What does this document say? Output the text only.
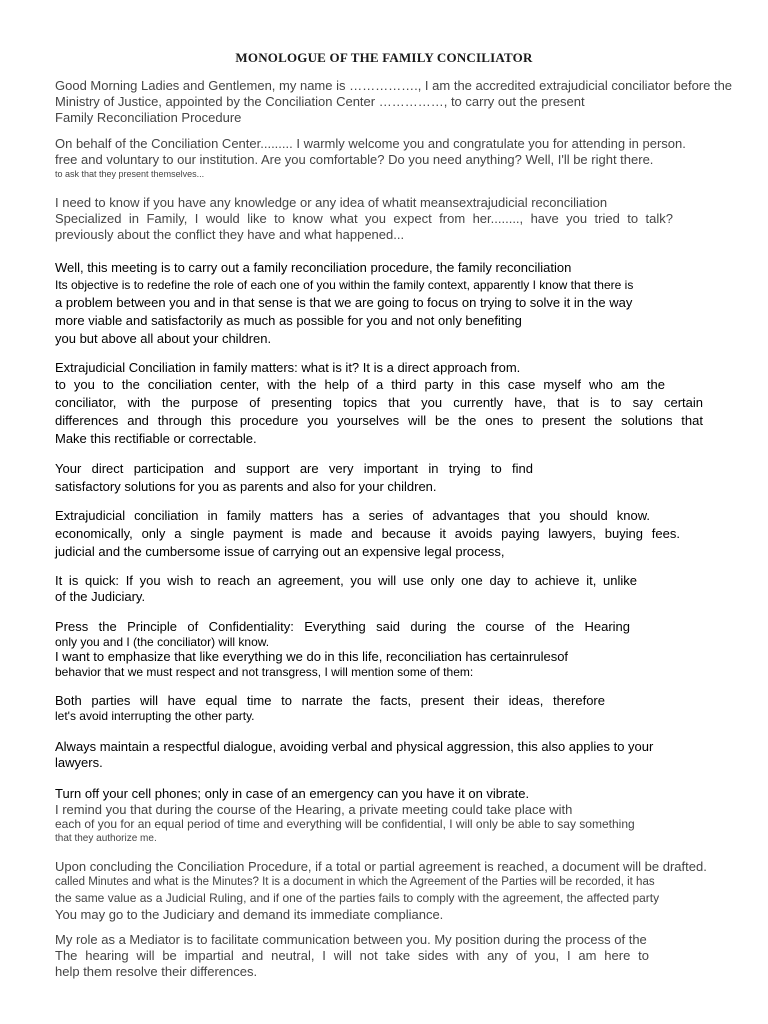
MONOLOGUE OF THE FAMILY CONCILIATOR
Good Morning Ladies and Gentlemen, my name is ……………., I am the accredited extrajudicial conciliator before the
Ministry of Justice, appointed by the Conciliation Center ……………, to carry out the present
Family Reconciliation Procedure
On behalf of the Conciliation Center......... I warmly welcome you and congratulate you for attending in person.
free and voluntary to our institution. Are you comfortable? Do you need anything? Well, I'll be right there.
to ask that they present themselves...
I need to know if you have any knowledge or any idea of whatit meansextrajudicial reconciliation
Specialized in Family, I would like to know what you expect from her........, have you tried to talk?
previously about the conflict they have and what happened...
Well, this meeting is to carry out a family reconciliation procedure, the family reconciliation
Its objective is to redefine the role of each one of you within the family context, apparently I know that there is
a problem between you and in that sense is that we are going to focus on trying to solve it in the way
more viable and satisfactorily as much as possible for you and not only benefiting
you but above all about your children.
Extrajudicial Conciliation in family matters: what is it? It is a direct approach from.
to you to the conciliation center, with the help of a third party in this case myself who am the
conciliator, with the purpose of presenting topics that you currently have, that is to say certain
differences and through this procedure you yourselves will be the ones to present the solutions that
Make this rectifiable or correctable.
Your direct participation and support are very important in trying to find
satisfactory solutions for you as parents and also for your children.
Extrajudicial conciliation in family matters has a series of advantages that you should know.
economically, only a single payment is made and because it avoids paying lawyers, buying fees.
judicial and the cumbersome issue of carrying out an expensive legal process,
It is quick: If you wish to reach an agreement, you will use only one day to achieve it, unlike
of the Judiciary.
Press the Principle of Confidentiality: Everything said during the course of the Hearing
only you and I (the conciliator) will know.
I want to emphasize that like everything we do in this life, reconciliation has certainrulesof
behavior that we must respect and not transgress, I will mention some of them:
Both parties will have equal time to narrate the facts, present their ideas, therefore
let's avoid interrupting the other party.
Always maintain a respectful dialogue, avoiding verbal and physical aggression, this also applies to your
lawyers.
Turn off your cell phones; only in case of an emergency can you have it on vibrate.
I remind you that during the course of the Hearing, a private meeting could take place with
each of you for an equal period of time and everything will be confidential, I will only be able to say something
that they authorize me.
Upon concluding the Conciliation Procedure, if a total or partial agreement is reached, a document will be drafted.
called Minutes and what is the Minutes? It is a document in which the Agreement of the Parties will be recorded, it has
the same value as a Judicial Ruling, and if one of the parties fails to comply with the agreement, the affected party
You may go to the Judiciary and demand its immediate compliance.
My role as a Mediator is to facilitate communication between you. My position during the process of the
The hearing will be impartial and neutral, I will not take sides with any of you, I am here to
help them resolve their differences.
